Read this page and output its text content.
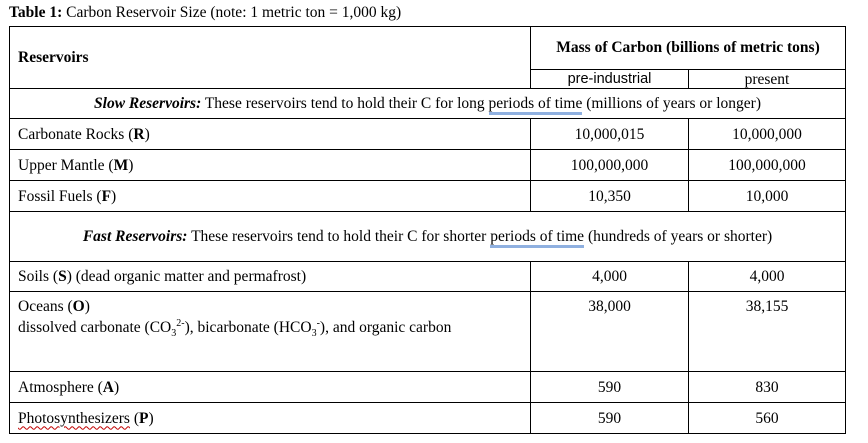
Table 1: Carbon Reservoir Size (note: 1 metric ton = 1,000 kg)
Reservoirs	Mass of Carbon (billions of metric tons)	
	pre-industrial	present
Slow Reservoirs: These reservoirs tend to hold their C for long periods of time (millions of years or longer)		
Carbonate Rocks (R)	10,000,015	10,000,000
Upper Mantle (M)	100,000,000	100,000,000
Fossil Fuels (F)	10,350	10,000
Fast Reservoirs: These reservoirs tend to hold their C for shorter periods of time (hundreds of years or shorter)		
Soils (S) (dead organic matter and permafrost)	4,000	4,000

Oceans (O)
dissolved carbonate $(CO_3^{2-})$, bicarbonate $(HCO_3^-)$, and organic carbon	38,000	38,155
Atmosphere (A)	590	830
Photosynthesizers (P)	590	560
